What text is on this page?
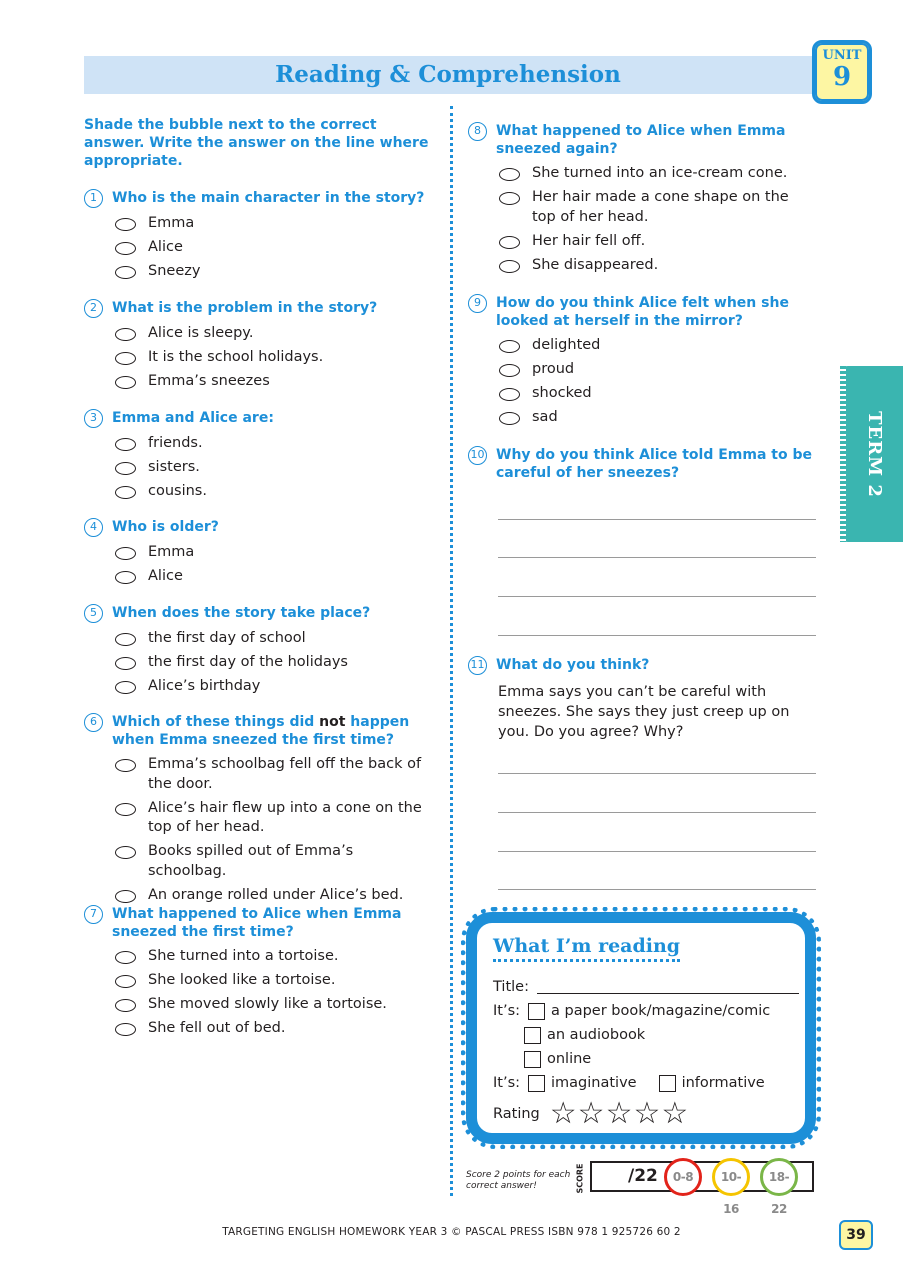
Reading & Comprehension
UNIT
9
TERM 2
Shade the bubble next to the correct answer. Write the answer on the line where appropriate.
1	Who is the main character in the story?
Emma
Alice
Sneezy
2	What is the problem in the story?
Alice is sleepy.
It is the school holidays.
Emma’s sneezes
3	Emma and Alice are:
friends.
sisters.
cousins.
4	Who is older?
Emma
Alice
5	When does the story take place?
the first day of school
the first day of the holidays
Alice’s birthday
6	Which of these things did not happen when Emma sneezed the first time?
Emma’s schoolbag fell off the back of the door.
Alice’s hair flew up into a cone on the top of her head.
Books spilled out of Emma’s schoolbag.
An orange rolled under Alice’s bed.
7	What happened to Alice when Emma sneezed the first time?
She turned into a tortoise.
She looked like a tortoise.
She moved slowly like a tortoise.
She fell out of bed.
8	What happened to Alice when Emma sneezed again?
She turned into an ice-cream cone.
Her hair made a cone shape on the top of her head.
Her hair fell off.
She disappeared.
9	How do you think Alice felt when she looked at herself in the mirror?
delighted
proud
shocked
sad
10 Why do you think Alice told Emma to be careful of her sneezes?
11 What do you think?
Emma says you can’t be careful with sneezes. She says they just creep up on you. Do you agree? Why?
What I’m reading
Title:
It’s: a paper book/magazine/comic
an audiobook
online
It’s: imaginative	informative
Rating ☆ ☆ ☆ ☆ ☆
Score 2 points for each correct answer!	SCORE	/22	0-8	10-16
18-22
TARGETING ENGLISH HOMEWORK YEAR 3 © PASCAL PRESS ISBN 978 1 925726 60 2	39
